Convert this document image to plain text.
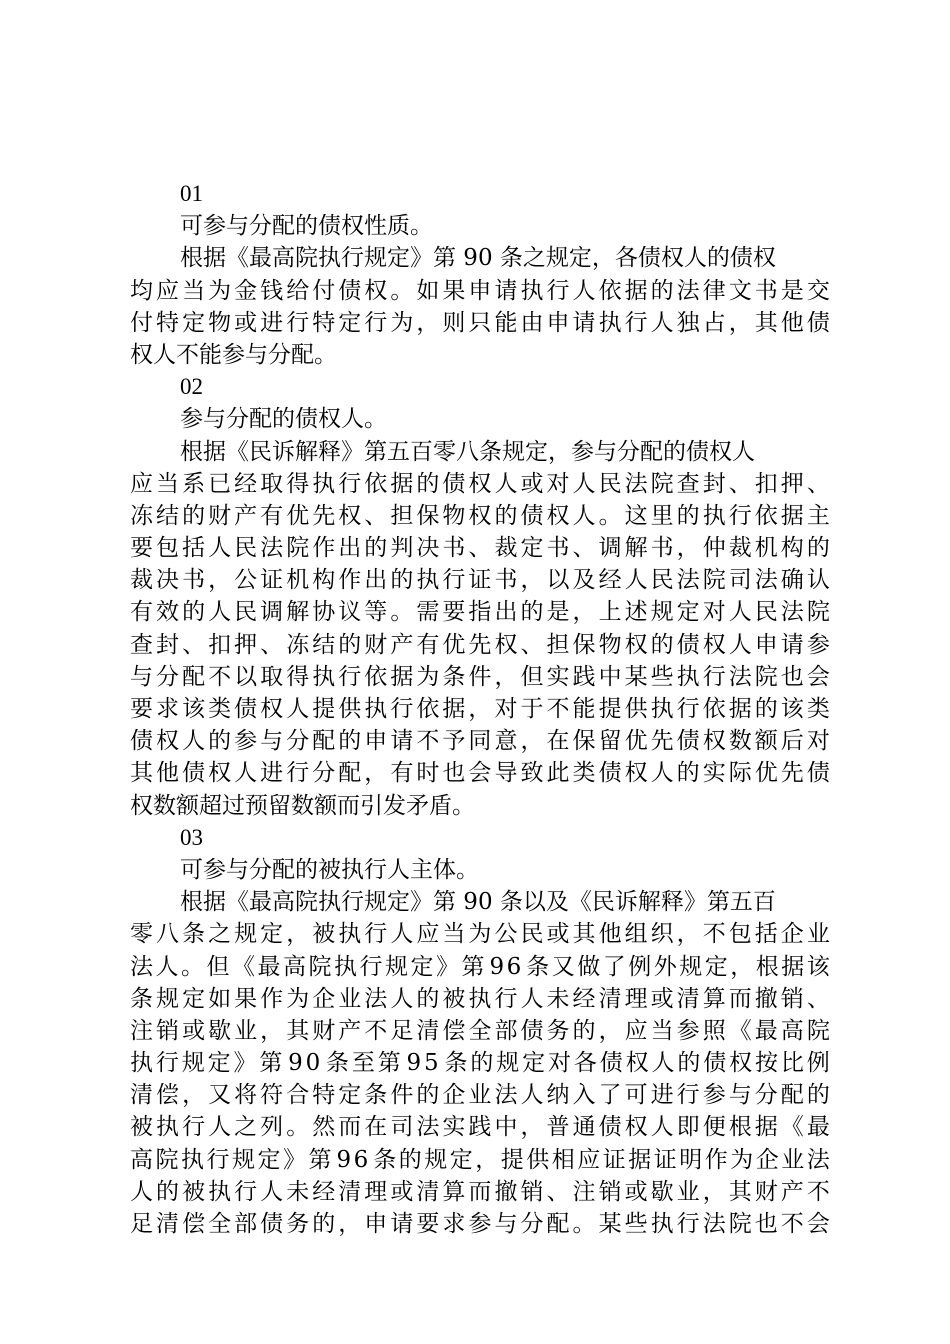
01
可参与分配的债权性质。
根据《最高院执行规定》第 90 条之规定，各债权人的债权
均 应 当 为 金 钱 给 付 债 权 。 如 果 申 请 执 行 人 依 据 的 法 律 文 书 是 交
付 特 定 物 或 进 行 特 定 行 为 ， 则 只 能 由 申 请 执 行 人 独 占 ， 其 他 债
权人不能参与分配。
02
参与分配的债权人。
根据《民诉解释》第五百零八条规定，参与分配的债权人
应 当 系 已 经 取 得 执 行 依 据 的 债 权 人 或 对 人 民 法 院 查 封 、 扣 押 、
冻 结 的 财 产 有 优 先 权 、 担 保 物 权 的 债 权 人 。 这 里 的 执 行 依 据 主
要 包 括 人 民 法 院 作 出 的 判 决 书 、 裁 定 书 、 调 解 书 ， 仲 裁 机 构 的
裁 决 书 ， 公 证 机 构 作 出 的 执 行 证 书 ， 以 及 经 人 民 法 院 司 法 确 认
有 效 的 人 民 调 解 协 议 等 。 需 要 指 出 的 是 ， 上 述 规 定 对 人 民 法 院
查 封 、 扣 押 、 冻 结 的 财 产 有 优 先 权 、 担 保 物 权 的 债 权 人 申 请 参
与 分 配 不 以 取 得 执 行 依 据 为 条 件 ， 但 实 践 中 某 些 执 行 法 院 也 会
要 求 该 类 债 权 人 提 供 执 行 依 据 ， 对 于 不 能 提 供 执 行 依 据 的 该 类
债 权 人 的 参 与 分 配 的 申 请 不 予 同 意 ， 在 保 留 优 先 债 权 数 额 后 对
其 他 债 权 人 进 行 分 配 ， 有 时 也 会 导 致 此 类 债 权 人 的 实 际 优 先 债
权数额超过预留数额而引发矛盾。
03
可参与分配的被执行人主体。
根据《最高院执行规定》第 90 条以及《民诉解释》第五百
零 八 条 之 规 定 ， 被 执 行 人 应 当 为 公 民 或 其 他 组 织 ， 不 包 括 企 业
法 人 。 但 《 最 高 院 执 行 规 定 》 第 9 6 条 又 做 了 例 外 规 定 ， 根 据 该
条 规 定 如 果 作 为 企 业 法 人 的 被 执 行 人 未 经 清 理 或 清 算 而 撤 销 、
注 销 或 歇 业 ， 其 财 产 不 足 清 偿 全 部 债 务 的 ， 应 当 参 照 《 最 高 院
执 行 规 定 》 第 9 0 条 至 第 9 5 条 的 规 定 对 各 债 权 人 的 债 权 按 比 例
清 偿 ， 又 将 符 合 特 定 条 件 的 企 业 法 人 纳 入 了 可 进 行 参 与 分 配 的
被 执 行 人 之 列 。 然 而 在 司 法 实 践 中 ， 普 通 债 权 人 即 便 根 据 《 最
高 院 执 行 规 定 》 第 9 6 条 的 规 定 ， 提 供 相 应 证 据 证 明 作 为 企 业 法
人 的 被 执 行 人 未 经 清 理 或 清 算 而 撤 销 、 注 销 或 歇 业 ， 其 财 产 不
足 清 偿 全 部 债 务 的 ， 申 请 要 求 参 与 分 配 。 某 些 执 行 法 院 也 不 会
